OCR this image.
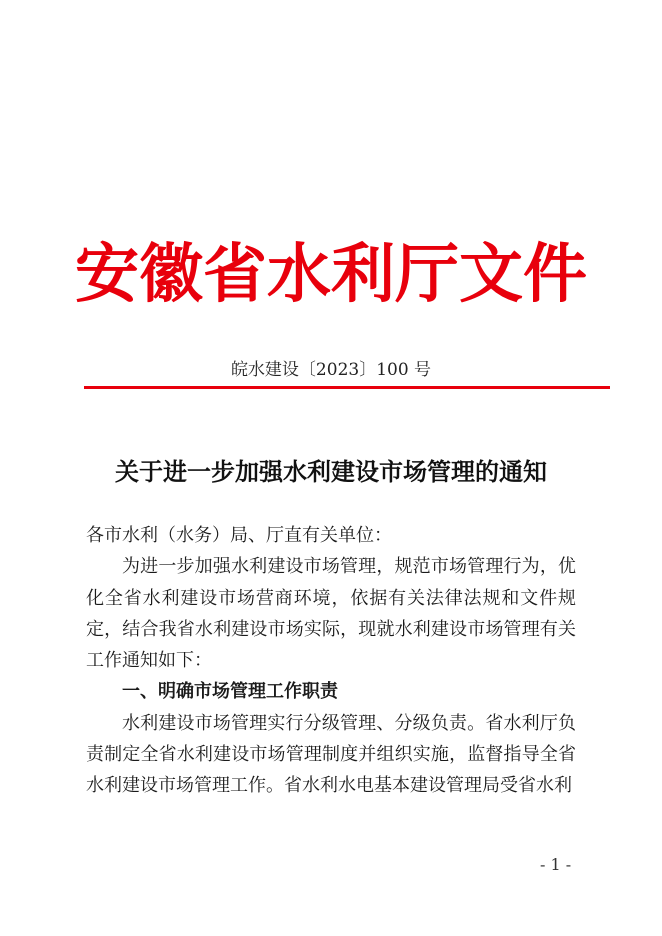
安徽省水利厅文件
皖水建设〔2023〕100 号
关于进一步加强水利建设市场管理的通知

各市水利（水务）局、厅直有关单位：

为进一步加强水利建设市场管理，规范市场管理行为，优化全省水利建设市场营商环境，依据有关法律法规和文件规定，结合我省水利建设市场实际，现就水利建设市场管理有关工作通知如下：

一、明确市场管理工作职责

水利建设市场管理实行分级管理、分级负责。省水利厅负责制定全省水利建设市场管理制度并组织实施，监督指导全省水利建设市场管理工作。省水利水电基本建设管理局受省水利

- 1 -
